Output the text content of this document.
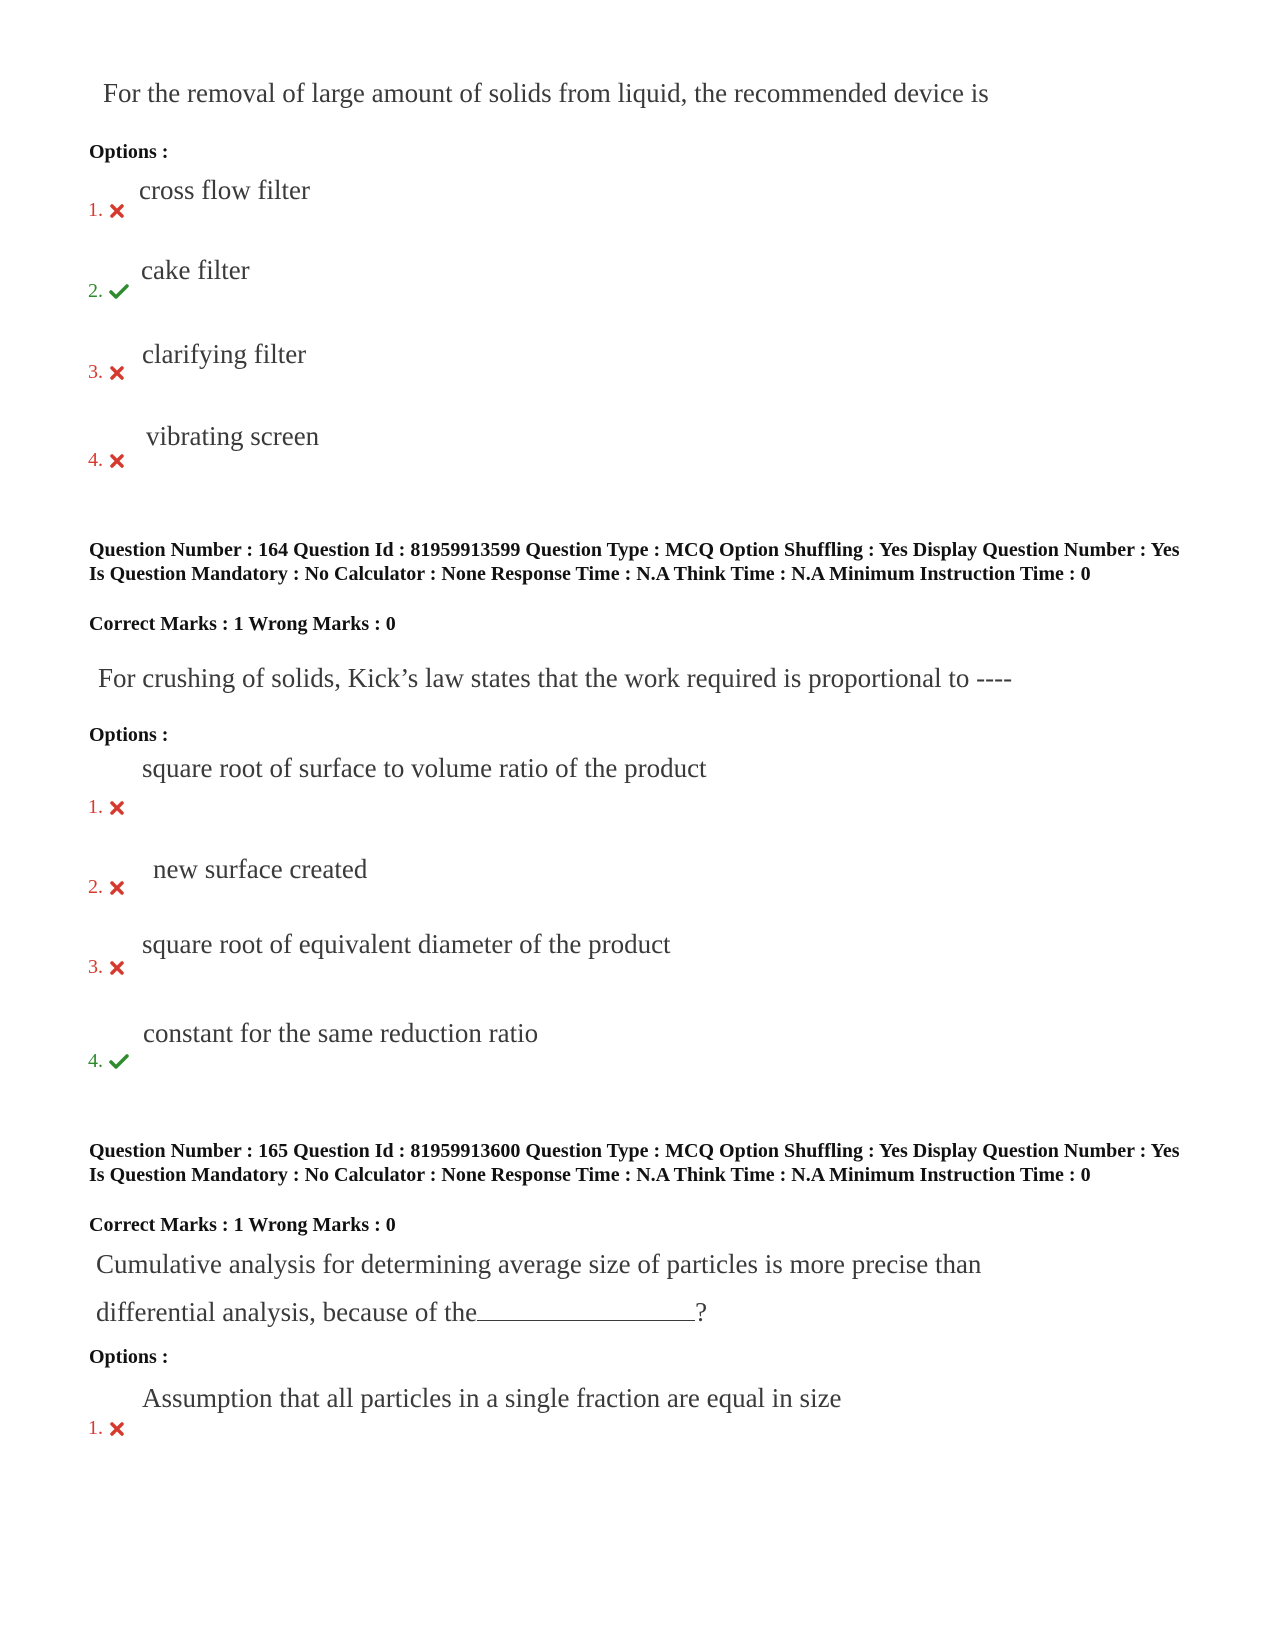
For the removal of large amount of solids from liquid, the recommended device is
Options :
cross flow filter
1.
cake filter
2.
clarifying filter
3.
vibrating screen
4.
Question Number : 164 Question Id : 81959913599 Question Type : MCQ Option Shuffling : Yes Display Question Number : Yes Is Question Mandatory : No Calculator : None Response Time : N.A Think Time : N.A Minimum Instruction Time : 0
Correct Marks : 1 Wrong Marks : 0
For crushing of solids, Kick’s law states that the work required is proportional to ----
Options :
square root of surface to volume ratio of the product
1.
new surface created
2.
square root of equivalent diameter of the product
3.
constant for the same reduction ratio
4.
Question Number : 165 Question Id : 81959913600 Question Type : MCQ Option Shuffling : Yes Display Question Number : Yes Is Question Mandatory : No Calculator : None Response Time : N.A Think Time : N.A Minimum Instruction Time : 0
Correct Marks : 1 Wrong Marks : 0
Cumulative analysis for determining average size of particles is more precise than
differential analysis, because of the	?
Options :
Assumption that all particles in a single fraction are equal in size
1.
